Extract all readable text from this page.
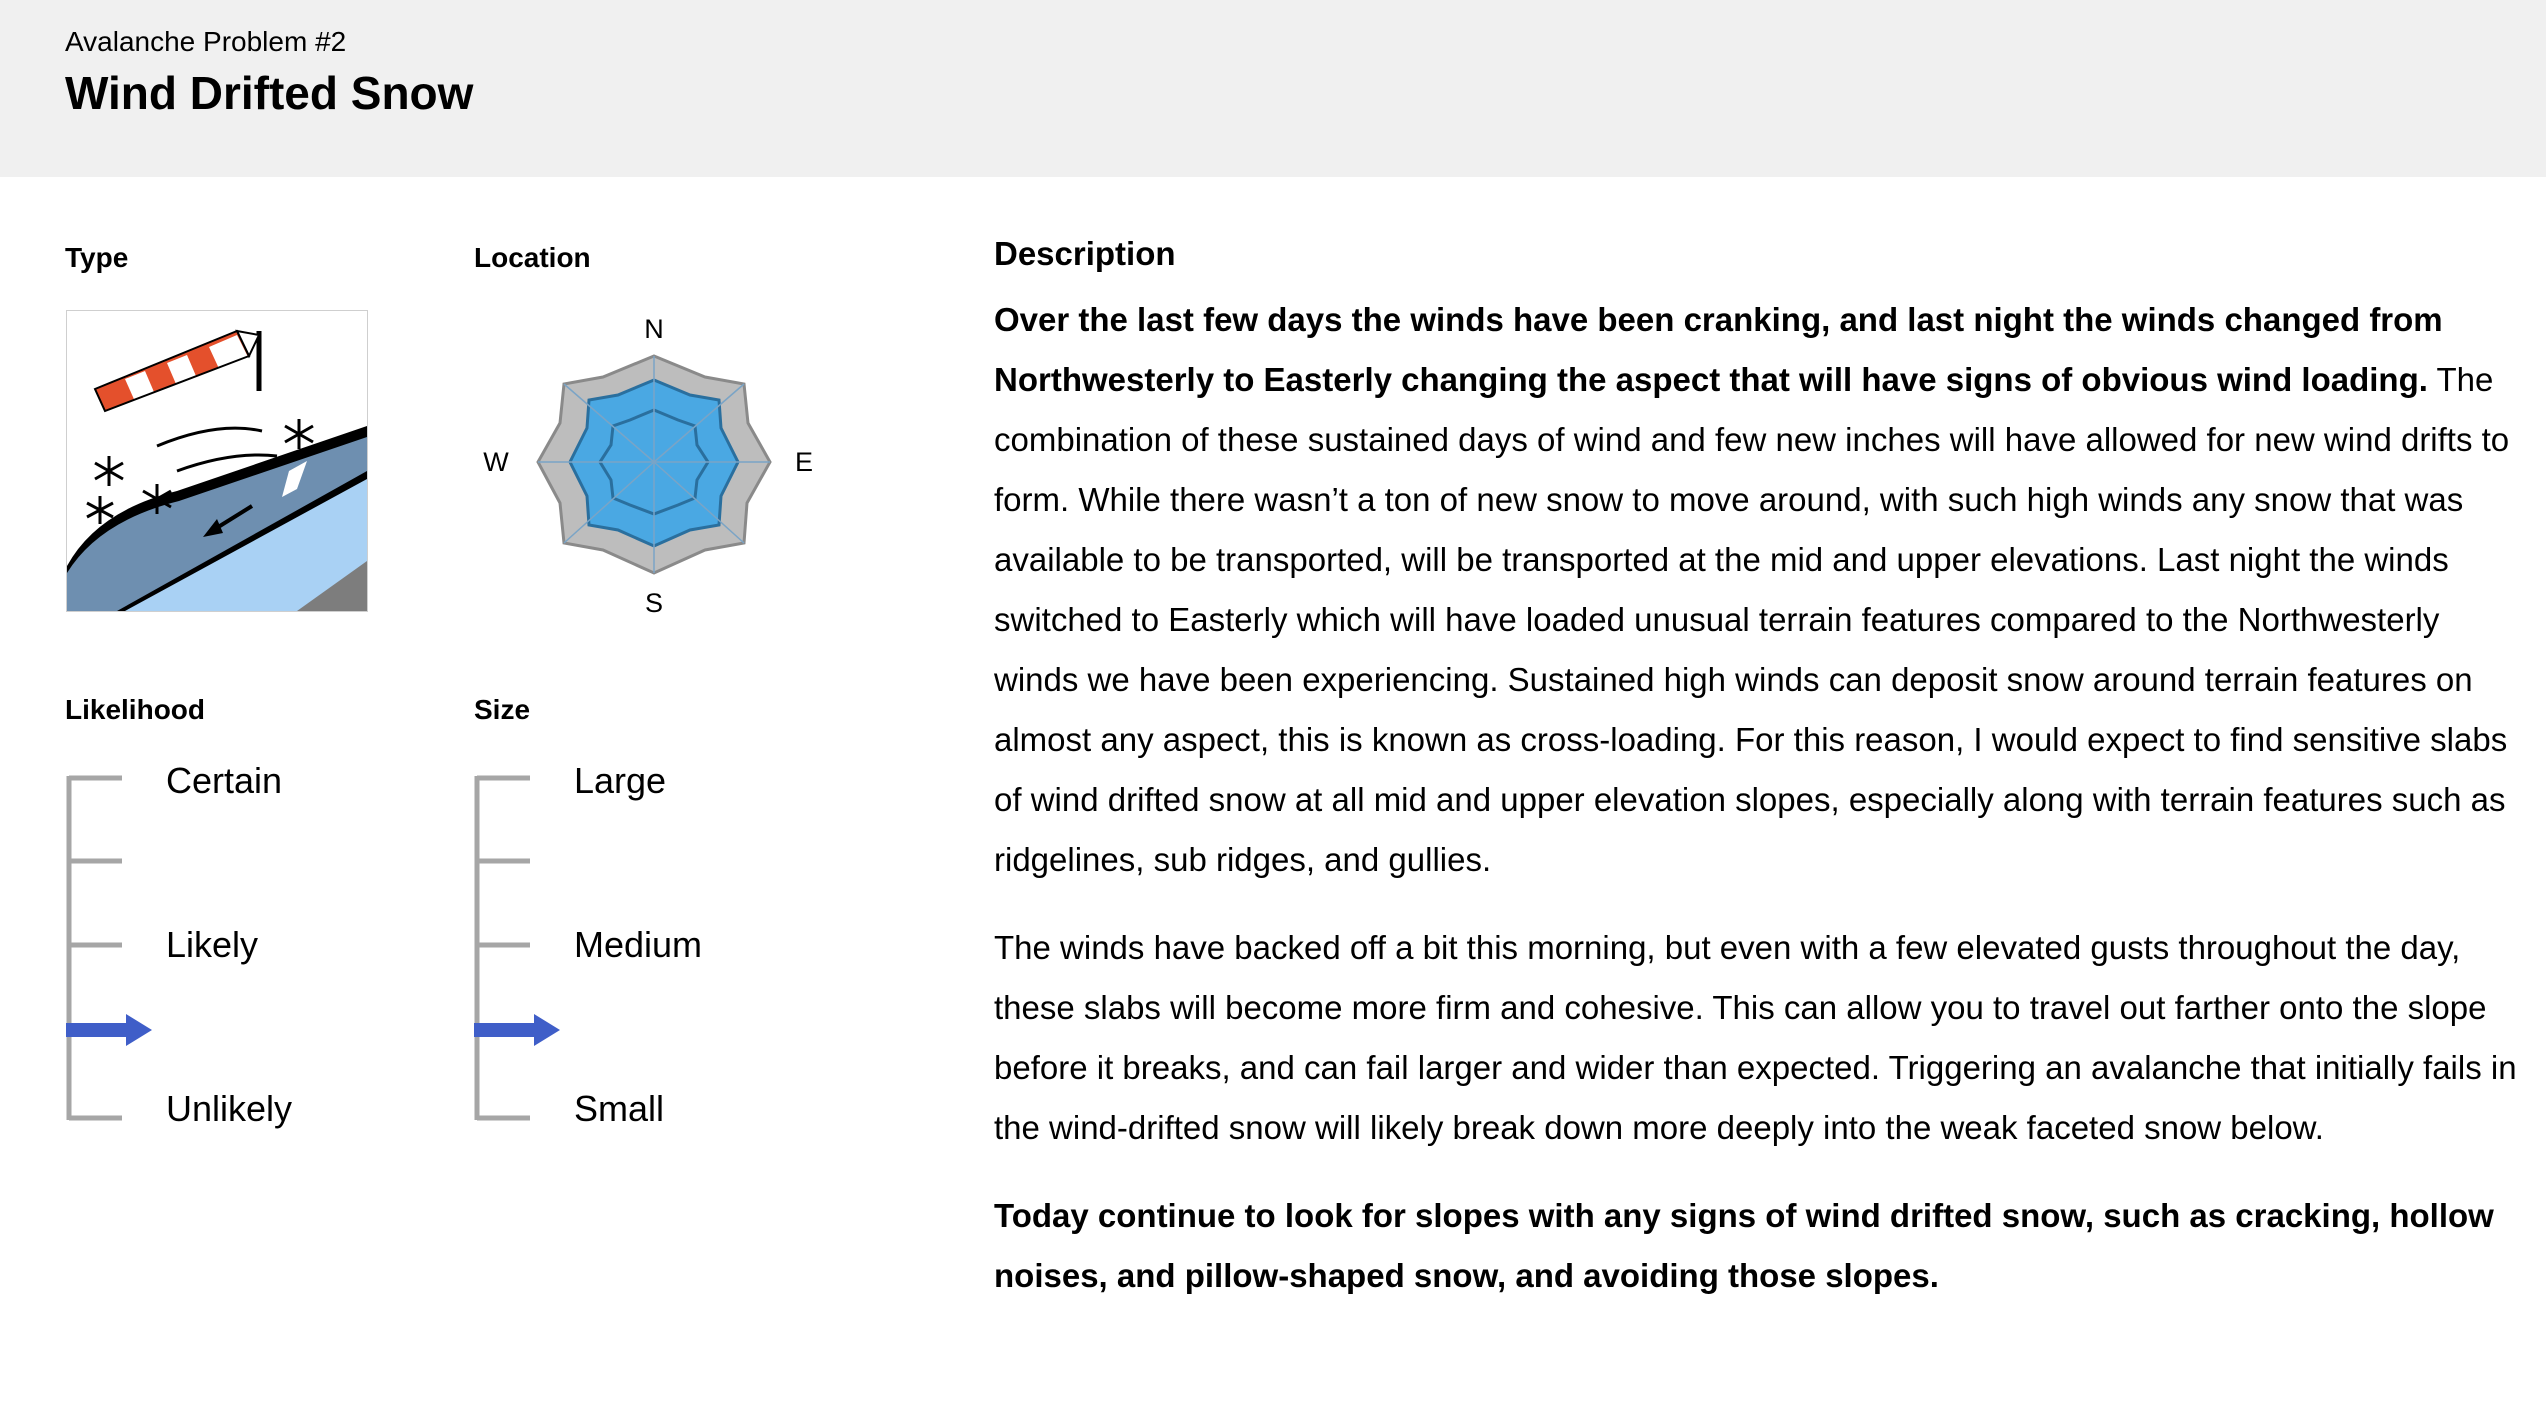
Avalanche Problem #2
Wind Drifted Snow
Type	Location
N
E
S
W
Likelihood
Certain
Likely
Unlikely
Size
Large
Medium
Small
Description

Over the last few days the winds have been cranking, and last night the winds changed from Northwesterly to Easterly changing the aspect that will have signs of obvious wind loading. The combination of these sustained days of wind and few new inches will have allowed for new wind drifts to form. While there wasn’t a ton of new snow to move around, with such high winds any snow that was available to be transported, will be transported at the mid and upper elevations. Last night the winds switched to Easterly which will have loaded unusual terrain features compared to the Northwesterly winds we have been experiencing. Sustained high winds can deposit snow around terrain features on almost any aspect, this is known as cross-loading. For this reason, I would expect to find sensitive slabs of wind drifted snow at all mid and upper elevation slopes, especially along with terrain features such as ridgelines, sub ridges, and gullies.

The winds have backed off a bit this morning, but even with a few elevated gusts throughout the day, these slabs will become more firm and cohesive. This can allow you to travel out farther onto the slope before it breaks, and can fail larger and wider than expected. Triggering an avalanche that initially fails in the wind-drifted snow will likely break down more deeply into the weak faceted snow below.

Today continue to look for slopes with any signs of wind drifted snow, such as cracking, hollow noises, and pillow-shaped snow, and avoiding those slopes.
